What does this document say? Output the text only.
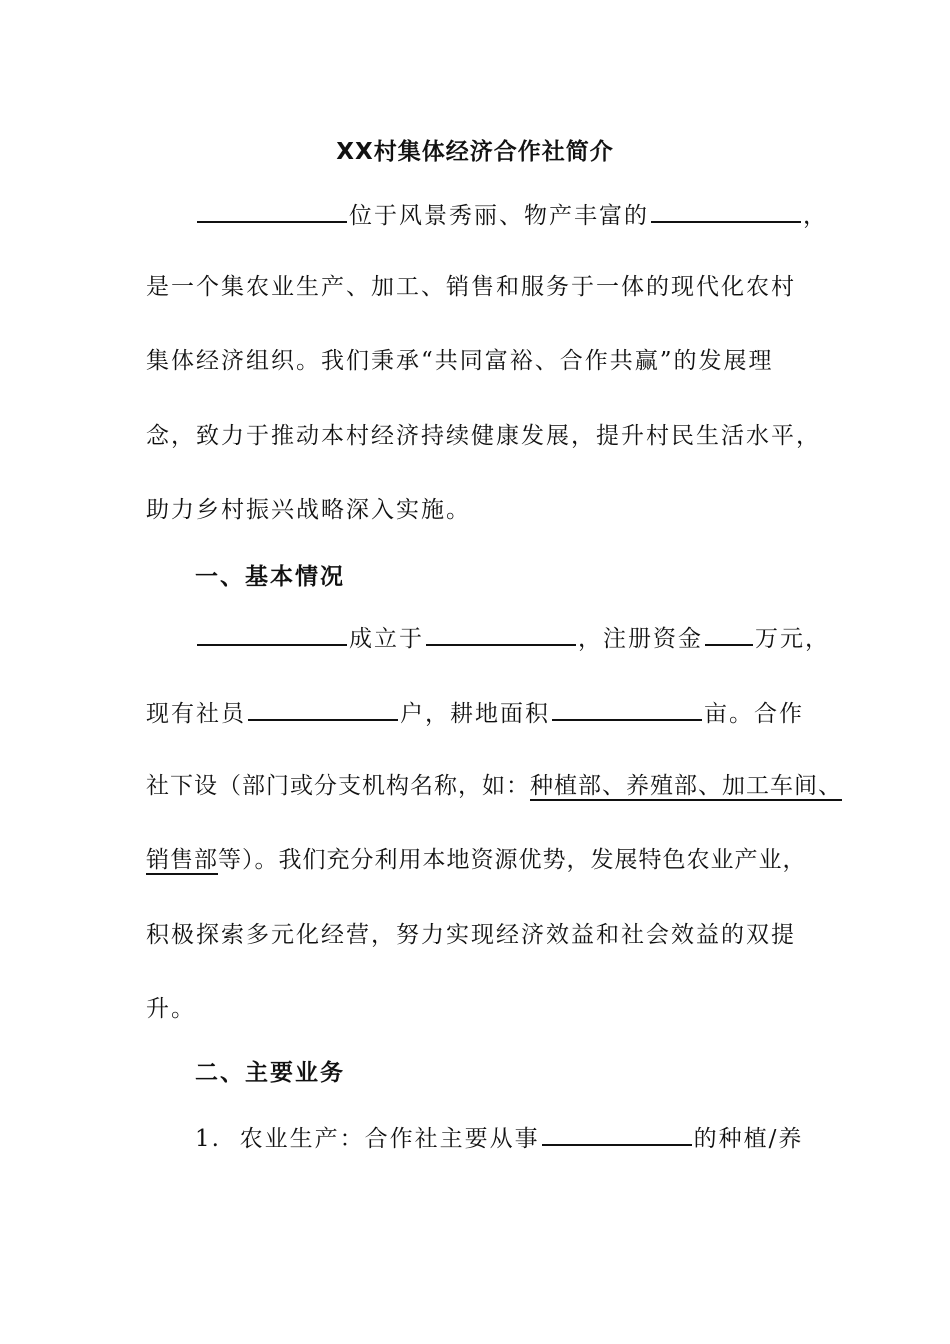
XX村集体经济合作社简介
位于风景秀丽、物产丰富的	，
是一个集农业生产、加工、销售和服务于一体的现代化农村
集体经济组织。我们秉承“共同富裕、合作共赢”的发展理
念，致力于推动本村经济持续健康发展，提升村民生活水平，
助力乡村振兴战略深入实施。
一、基本情况
成立于	，注册资金 万元，
现有社员	户，耕地面积	亩。合作
社下设（部门或分支机构名称，如：种植部、养殖部、加工车间、
销售部等）。我们充分利用本地资源优势，发展特色农业产业，
积极探索多元化经营，努力实现经济效益和社会效益的双提
升。
二、主要业务
1.  农业生产：合作社主要从事	的种植/养
